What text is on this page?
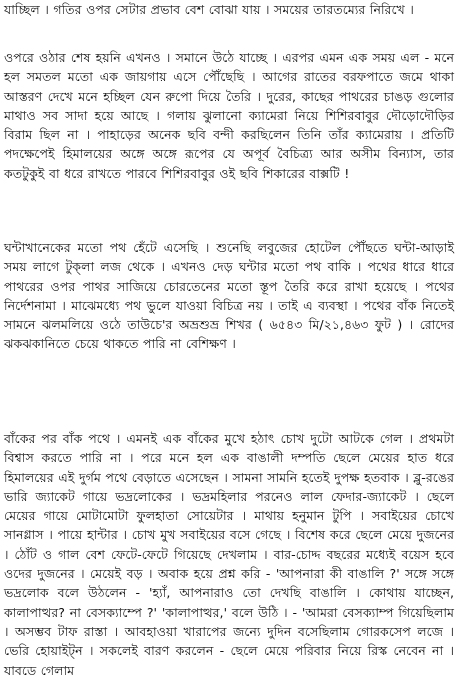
যাচ্ছিল । গতির ওপর সেটার প্রভাব বেশ বোঝা যায় । সময়ের তারতম্যের নিরিখে ।

ওপরে ওঠার শেষ হয়নি এখনও । সমানে উঠে যাচ্ছে । এরপর এমন এক সময় এল - মনে হল সমতল মতো এক জায়গায় এসে পৌঁছেছি । আগের রাতের বরফপাতে জমে থাকা আস্তরণ দেখে মনে হচ্ছিল যেন রুপো দিয়ে তৈরি । দুরের, কাছের পাথরের চাঙড় গুলোর মাথাও সব সাদা হয়ে আছে । গলায় ঝুলানো ক্যামেরা নিয়ে শিশিরবাবুর দৌড়োদৌড়ির বিরাম ছিল না । পাহাড়ের অনেক ছবি বন্দী করছিলেন তিনি তাঁর ক্যামেরায় । প্রতিটি পদক্ষেপেই হিমালয়ের অঙ্গে অঙ্গে রূপের যে অপূর্ব বৈচিত্র্য আর অসীম বিন্যাস, তার কতটুকুই বা ধরে রাখতে পারবে শিশিরবাবুর ওই ছবি শিকারের বাক্সটি !

ঘন্টাখানেকের মতো পথ হেঁটে এসেছি । শুনেছি লবুজের হোটেল পৌঁছতে ঘন্টা-আড়াই সময় লাগে টুক্‌লা লজ থেকে । এখনও দেড় ঘন্টার মতো পথ বাকি । পথের ধারে ধারে পাথরের ওপর পাথর সাজিয়ে চোরতেনের মতো স্তূপ তৈরি করে রাখা হয়েছে । পথের নির্দেশনামা । মাঝেমধ্যে পথ ভুলে যাওয়া বিচিত্র নয় । তাই এ ব্যবস্থা । পথের বাঁক নিতেই সামনে ঝলমলিয়ে ওঠে তাউচে'র অভ্রশুভ্র শিখর ( ৬৫৪৩ মি/২১,৪৬৩ ফুট ) । রোদের ঝকঝকানিতে চেয়ে থাকতে পারি না বেশিক্ষণ ।

বাঁকের পর বাঁক পথে । এমনই এক বাঁকের মুখে হঠাৎ চোখ দুটো আটকে গেল । প্রথমটা বিশ্বাস করতে পারি না । পরে মনে হল এক বাঙালী দম্পতি ছেলে মেয়ের হাত ধরে হিমালয়ের এই দুর্গম পথে বেড়াতে এসেছেন । সামনা সামনি হতেই দুপক্ষ হতবাক । ব্লু-রঙের ভারি জ্যাকেট গায়ে ভদ্রলোকের । ভদ্রমহিলার পরনেও লাল ফেদার-জ্যাকেট । ছেলে মেয়ের গায়ে মোটামোটা ফুলহাতা সোয়েটার । মাথায় হনুমান টুপি । সবাইয়ের চোখে সানগ্লাস । পায়ে হান্টার । চোখ মুখ সবাইয়ের বসে গেছে । বিশেষ করে ছেলে মেয়ে দুজনের । ঠোঁট ও গাল বেশ ফেটে-ফেটে গিয়েছে দেখলাম । বার-চোদ্দ বছরের মধ্যেই বয়েস হবে ওদের দুজনের । মেয়েই বড় । অবাক হয়ে প্রশ্ন করি - 'আপনারা কী বাঙালি ?' সঙ্গে সঙ্গে ভদ্রলোক বলে উঠলেন - 'হ্যাঁ, আপনারাও তো দেখছি বাঙালি । কোথায় যাচ্ছেন, কালাপাত্থর? না বেসক্যাম্পে ?' 'কালাপাত্থর,' বলে উঠি । - 'আমরা বেসক্যাম্প গিয়েছিলাম । অসম্ভব টাফ রাস্তা । আবহাওয়া খারাপের জন্যে দুদিন বসেছিলাম গোরকসেপ লজে । ভেরি হোয়াইট্‌ন । সকলেই বারণ করলেন - ছেলে মেয়ে পরিবার নিয়ে রিস্ক নেবেন না । যাবডে গেলাম
